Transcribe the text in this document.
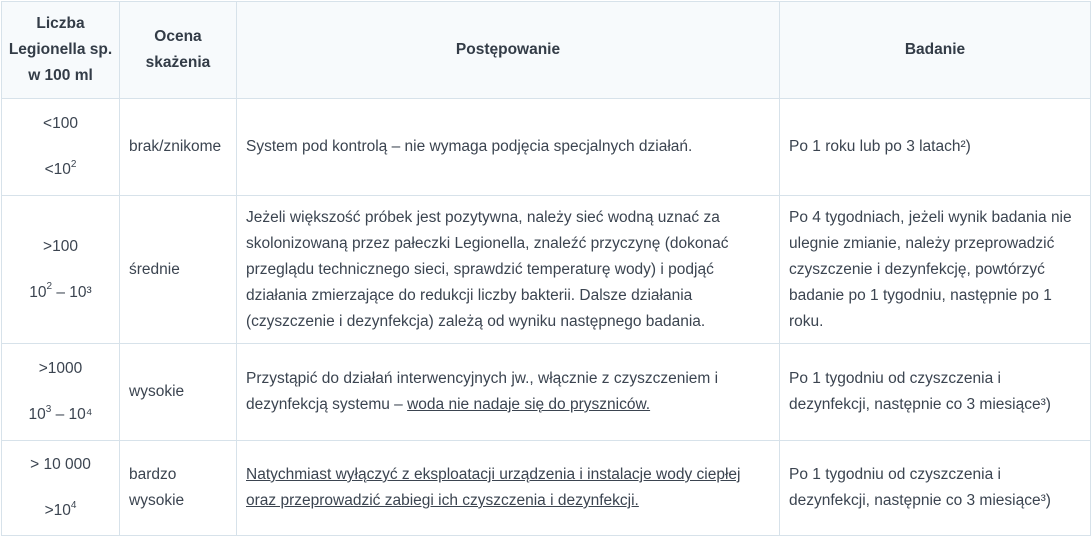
Liczba
Legionella sp.
w 100 ml	Ocena
skażenia	Postępowanie	Badanie

<100
$<10^2$	brak/znikome	System pod kontrolą – nie wymaga podjęcia specjalnych działań.	Po 1 roku lub po 3 latach²)

>100
$10^2 - 10^3$	średnie	Jeżeli większość próbek jest pozytywna, należy sieć wodną uznać za skolonizowaną przez pałeczki Legionella, znaleźć przyczynę (dokonać przeglądu technicznego sieci, sprawdzić temperaturę wody) i podjąć działania zmierzające do redukcji liczby bakterii. Dalsze działania (czyszczenie i dezynfekcja) zależą od wyniku następnego badania.	Po 4 tygodniach, jeżeli wynik badania nie ulegnie zmianie, należy przeprowadzić czyszczenie i dezynfekcję, powtórzyć badanie po 1 tygodniu, następnie po 1 roku.

>1000
$10^3 - 10^4$	wysokie	Przystąpić do działań interwencyjnych jw., włącznie z czyszczeniem i dezynfekcją systemu – woda nie nadaje się do pryszniców.	Po 1 tygodniu od czyszczenia i dezynfekcji, następnie co 3 miesiące³)

> 10 000
$>10^4$	bardzo wysokie	Natychmiast wyłączyć z eksploatacji urządzenia i instalacje wody ciepłej oraz przeprowadzić zabiegi ich czyszczenia i dezynfekcji.	Po 1 tygodniu od czyszczenia i dezynfekcji, następnie co 3 miesiące³)
